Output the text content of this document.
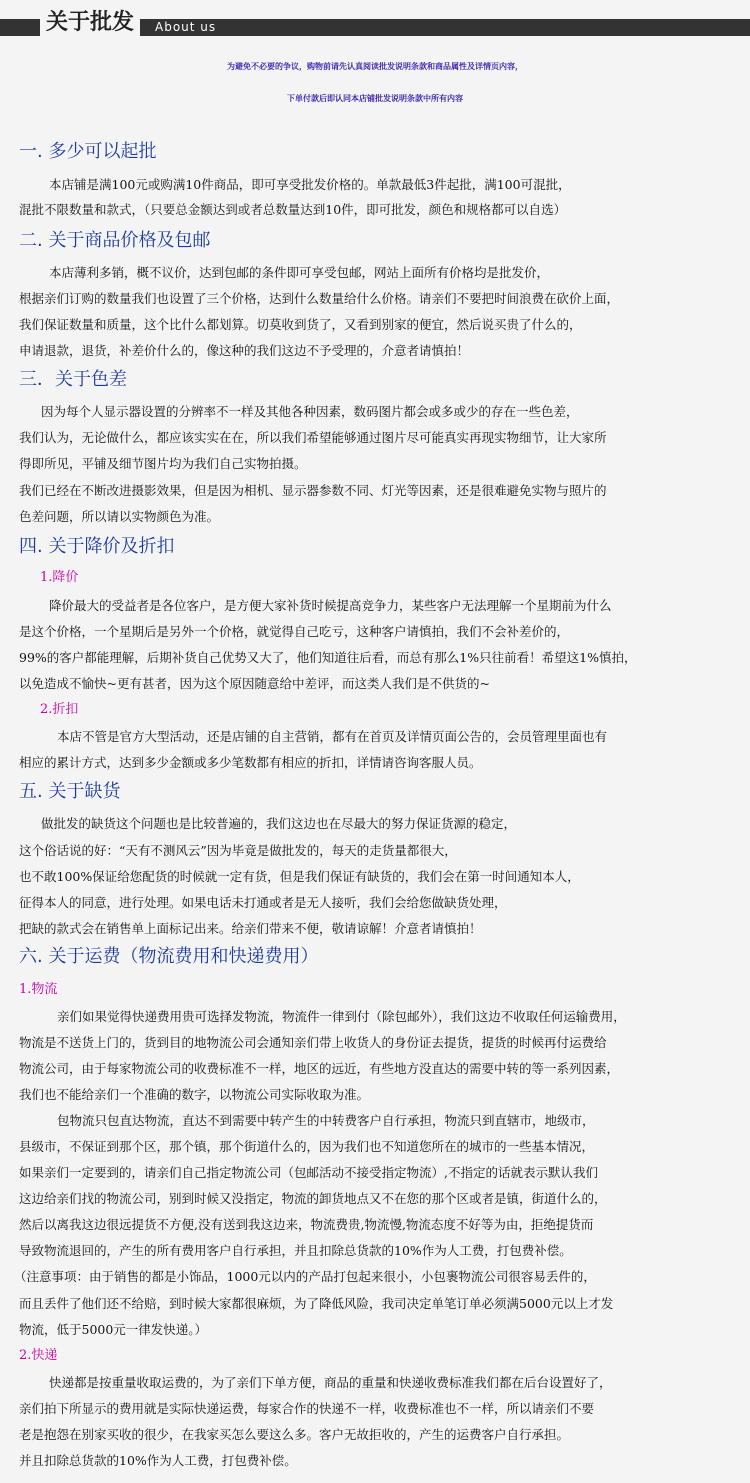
关于批发	About us
为避免不必要的争议，购物前请先认真阅读批发说明条款和商品属性及详情页内容，
下单付款后即认同本店铺批发说明条款中所有内容
一. 多少可以起批
本店铺是满100元或购满10件商品，即可享受批发价格的。单款最低3件起批，满100可混批，
混批不限数量和款式，（只要总金额达到或者总数量达到10件，即可批发，颜色和规格都可以自选）
二. 关于商品价格及包邮
本店薄利多销，概不议价，达到包邮的条件即可享受包邮，网站上面所有价格均是批发价，
根据亲们订购的数量我们也设置了三个价格，达到什么数量给什么价格。请亲们不要把时间浪费在砍价上面，
我们保证数量和质量，这个比什么都划算。切莫收到货了，又看到别家的便宜，然后说买贵了什么的，
申请退款，退货，补差价什么的，像这种的我们这边不予受理的，介意者请慎拍！
三．关于色差
因为每个人显示器设置的分辨率不一样及其他各种因素，数码图片都会或多或少的存在一些色差，
我们认为，无论做什么，都应该实实在在，所以我们希望能够通过图片尽可能真实再现实物细节，让大家所
得即所见，平铺及细节图片均为我们自己实物拍摄。
我们已经在不断改进摄影效果，但是因为相机、显示器参数不同、灯光等因素，还是很难避免实物与照片的
色差问题，所以请以实物颜色为准。
四. 关于降价及折扣
1.降价
降价最大的受益者是各位客户，是方便大家补货时候提高竞争力，某些客户无法理解一个星期前为什么
是这个价格，一个星期后是另外一个价格，就觉得自己吃亏，这种客户请慎拍，我们不会补差价的，
99%的客户都能理解，后期补货自己优势又大了，他们知道往后看，而总有那么1%只往前看！希望这1%慎拍，
以免造成不愉快~更有甚者，因为这个原因随意给中差评，而这类人我们是不供货的~
2.折扣
本店不管是官方大型活动，还是店铺的自主营销，都有在首页及详情页面公告的，会员管理里面也有
相应的累计方式，达到多少金额或多少笔数都有相应的折扣，详情请咨询客服人员。
五. 关于缺货
做批发的缺货这个问题也是比较普遍的，我们这边也在尽最大的努力保证货源的稳定，
这个俗话说的好：“天有不测风云”因为毕竟是做批发的，每天的走货量都很大，
也不敢100%保证给您配货的时候就一定有货，但是我们保证有缺货的，我们会在第一时间通知本人，
征得本人的同意，进行处理。如果电话未打通或者是无人接听，我们会给您做缺货处理，
把缺的款式会在销售单上面标记出来。给亲们带来不便，敬请谅解！介意者请慎拍！
六. 关于运费（物流费用和快递费用）
1.物流
亲们如果觉得快递费用贵可选择发物流，物流件一律到付（除包邮外），我们这边不收取任何运输费用，
物流是不送货上门的，货到目的地物流公司会通知亲们带上收货人的身份证去提货，提货的时候再付运费给
物流公司，由于每家物流公司的收费标准不一样，地区的远近，有些地方没直达的需要中转的等一系列因素，
我们也不能给亲们一个准确的数字，以物流公司实际收取为准。
包物流只包直达物流，直达不到需要中转产生的中转费客户自行承担，物流只到直辖市，地级市，
县级市，不保证到那个区，那个镇，那个街道什么的，因为我们也不知道您所在的城市的一些基本情况，
如果亲们一定要到的，请亲们自己指定物流公司（包邮活动不接受指定物流）,不指定的话就表示默认我们
这边给亲们找的物流公司，别到时候又没指定，物流的卸货地点又不在您的那个区或者是镇，街道什么的，
然后以离我这边很远提货不方便,没有送到我这边来，物流费贵,物流慢,物流态度不好等为由，拒绝提货而
导致物流退回的，产生的所有费用客户自行承担，并且扣除总货款的10%作为人工费，打包费补偿。
（注意事项：由于销售的都是小饰品，1000元以内的产品打包起来很小，小包裹物流公司很容易丢件的，
而且丢件了他们还不给赔，到时候大家都很麻烦，为了降低风险，我司决定单笔订单必须满5000元以上才发
物流，低于5000元一律发快递。）
2.快递
快递都是按重量收取运费的，为了亲们下单方便，商品的重量和快递收费标准我们都在后台设置好了，
亲们拍下所显示的费用就是实际快递运费，每家合作的快递不一样，收费标准也不一样，所以请亲们不要
老是抱怨在别家买收的很少，在我家买怎么要这么多。客户无故拒收的，产生的运费客户自行承担。
并且扣除总货款的10%作为人工费，打包费补偿。
